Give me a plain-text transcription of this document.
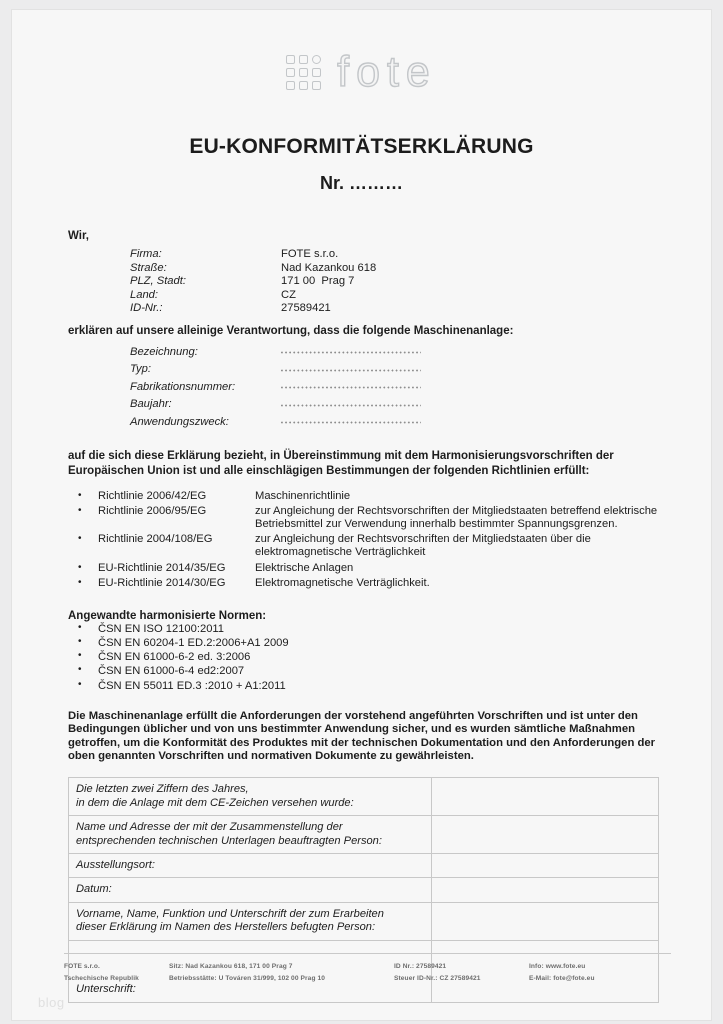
fote
EU-KONFORMITÄTSERKLÄRUNG
Nr. ………
Wir,
Firma:	FOTE s.r.o.
Straße:	Nad Kazankou 618
PLZ, Stadt:	171 00  Prag 7
Land:	CZ
ID-Nr.:	27589421
erklären auf unsere alleinige Verantwortung, dass die folgende Maschinenanlage:
Bezeichnung:
Typ:
Fabrikationsnummer:
Baujahr:
Anwendungszweck:
auf die sich diese Erklärung bezieht, in Übereinstimmung mit dem Harmonisierungsvorschriften der Europäischen Union ist und alle einschlägigen Bestimmungen der folgenden Richtlinien erfüllt:
•	Richtlinie 2006/42/EG	Maschinenrichtlinie
•	Richtlinie 2006/95/EG	zur Angleichung der Rechtsvorschriften der Mitgliedstaaten betreffend elektrische Betriebsmittel zur Verwendung innerhalb bestimmter Spannungsgrenzen.
•	Richtlinie 2004/108/EG	zur Angleichung der Rechtsvorschriften der Mitgliedstaaten über die elektromagnetische Verträglichkeit
•	EU-Richtlinie 2014/35/EG	Elektrische Anlagen
•	EU-Richtlinie 2014/30/EG	Elektromagnetische Verträglichkeit.
Angewandte harmonisierte Normen:
•	ČSN EN ISO 12100:2011
•	ČSN EN 60204-1 ED.2:2006+A1 2009
•	ČSN EN 61000-6-2 ed. 3:2006
•	ČSN EN 61000-6-4 ed2:2007
•	ČSN EN 55011 ED.3 :2010 + A1:2011
Die Maschinenanlage erfüllt die Anforderungen der vorstehend angeführten Vorschriften und ist unter den Bedingungen üblicher und von uns bestimmter Anwendung sicher, und es wurden sämtliche Maßnahmen getroffen, um die Konformität des Produktes mit der technischen Dokumentation und den Anforderungen der oben genannten Vorschriften und normativen Dokumente zu gewährleisten.
Die letzten zwei Ziffern des Jahres,
in dem die Anlage mit dem CE-Zeichen versehen wurde:	
Name und Adresse der mit der Zusammenstellung der
entsprechenden technischen Unterlagen beauftragten Person:	
Ausstellungsort:	
Datum:	
Vorname, Name, Funktion und Unterschrift der zum Erarbeiten
dieser Erklärung im Namen des Herstellers befugten Person:	

Unterschrift:	

FOTE s.r.o.	Sitz: Nad Kazankou 618, 171 00 Prag 7	ID Nr.: 27589421	Info: www.fote.eu
Tschechische Republik	Betriebsstätte: U Továren 31/999, 102 00 Prag 10	Steuer ID-Nr.: CZ 27589421	E-Mail: fote@fote.eu
blog
